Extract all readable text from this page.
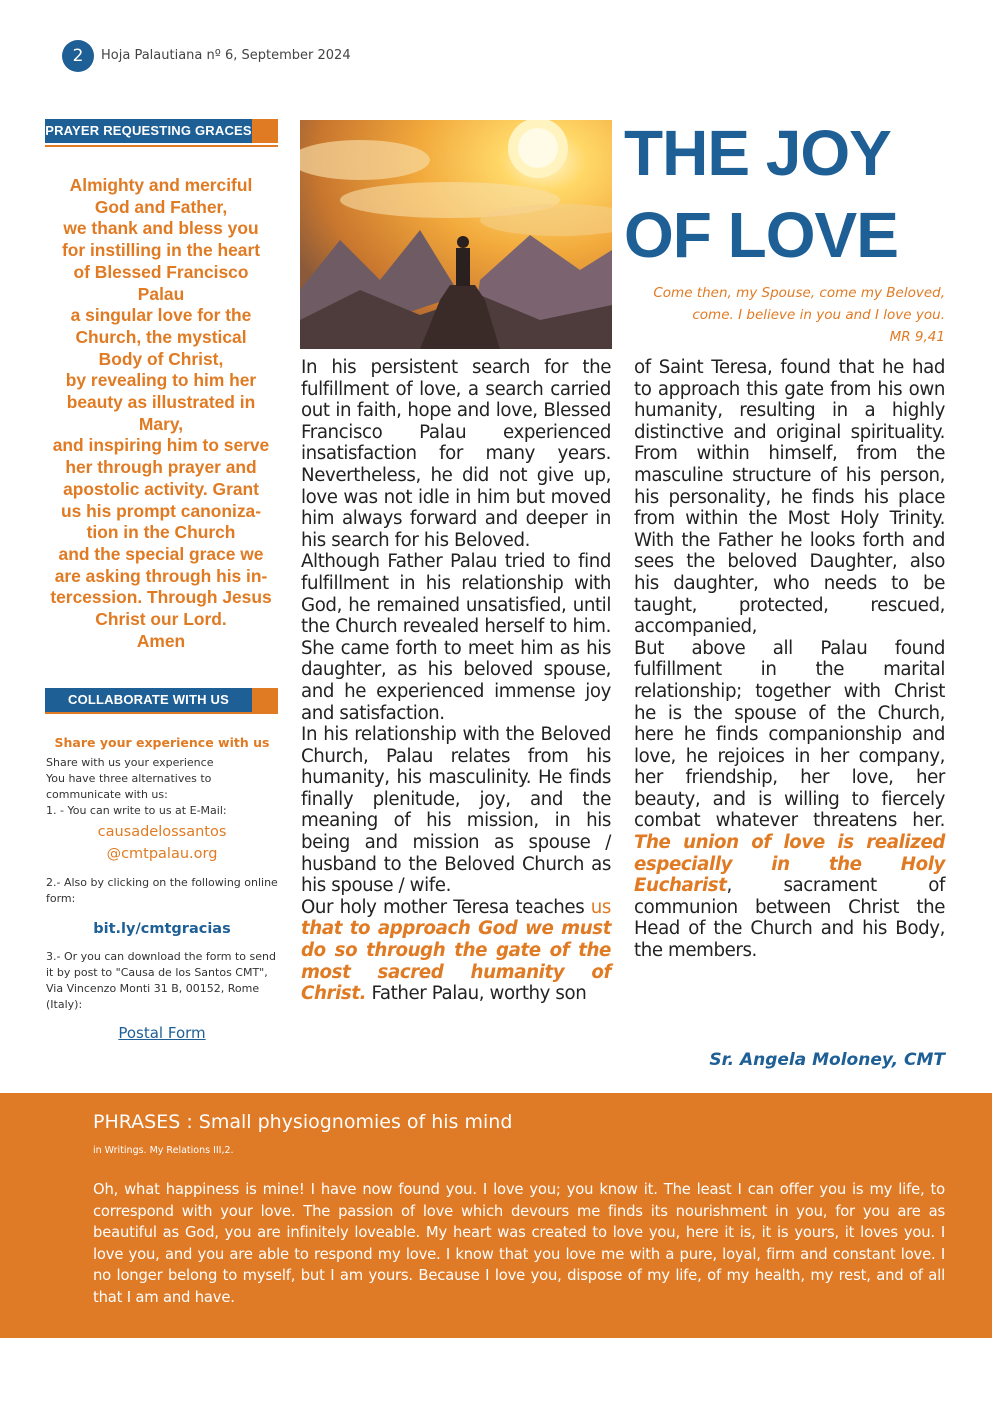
2	Hoja Palautiana nº 6, September 2024
PRAYER REQUESTING GRACES
Almighty and merciful
God and Father,
we thank and bless you
for instilling in the heart
of Blessed Francisco
Palau
a singular love for the
Church, the mystical
Body of Christ,
by revealing to him her
beauty as illustrated in
Mary,
and inspiring him to serve
her through prayer and
apostolic activity. Grant
us his prompt canoniza-
tion in the Church
and the special grace we
are asking through his in-
tercession. Through Jesus
Christ our Lord.
Amen
COLLABORATE WITH US
Share your experience with us

Share with us your experience
You have three alternatives to communicate with us:

1. - You can write to us at E-Mail:

causadelossantos
@cmtpalau.org

2.- Also by clicking on the following online form:

bit.ly/cmtgracias

3.- Or you can download the form to send it by post to "Causa de los Santos CMT", Via Vincenzo Monti 31 B, 00152, Rome (Italy):

Postal Form
THE JOY
OF LOVE
Come then, my Spouse, come my Beloved,
come. I believe in you and I love you.
MR 9,41

In his persistent search for the fulfillment of love, a search carried out in faith, hope and love, Blessed Francisco Palau experienced insatisfaction for many years. Nevertheless, he did not give up, love was not idle in him but moved him always forward and deeper in his search for his Beloved.

Although Father Palau tried to find fulfillment in his relationship with God, he remained unsatisfied, until the Church revealed herself to him. She came forth to meet him as his daughter, as his beloved spouse, and he experienced immense joy and satisfaction.

In his relationship with the Beloved Church, Palau relates from his humanity, his masculinity. He finds finally plenitude, joy, and the meaning of his mission, in his being and mission as spouse / husband to the Beloved Church as his spouse / wife.

Our holy mother Teresa teaches us that to approach God we must do so through the gate of the most sacred humanity of Christ. Father Palau, worthy son

of Saint Teresa, found that he had to approach this gate from his own humanity, resulting in a highly distinctive and original spirituality. From within himself, from the masculine structure of his person, his personality, he finds his place from within the Most Holy Trinity. With the Father he looks forth and sees the beloved Daughter, also his daughter, who needs to be taught, protected, rescued, accompanied,

But above all Palau found fulfillment in the marital relationship; together with Christ he is the spouse of the Church, here he finds companionship and love, he rejoices in her company, her friendship, her love, her beauty, and is willing to fiercely combat whatever threatens her. The union of love is realized especially in the Holy Eucharist, sacrament of communion between Christ the Head of the Church and his Body, the members.

Sr. Angela Moloney, CMT
PHRASES : Small physiognomies of his mind
in Writings. My Relations III,2.
Oh, what happiness is mine! I have now found you. I love you; you know it. The least I can offer you is my life, to correspond with your love. The passion of love which devours me finds its nourishment in you, for you are as beautiful as God, you are infinitely loveable. My heart was created to love you, here it is, it is yours, it loves you. I love you, and you are able to respond my love. I know that you love me with a pure, loyal, firm and constant love. I no longer belong to myself, but I am yours. Because I love you, dispose of my life, of my health, my rest, and of all that I am and have.
